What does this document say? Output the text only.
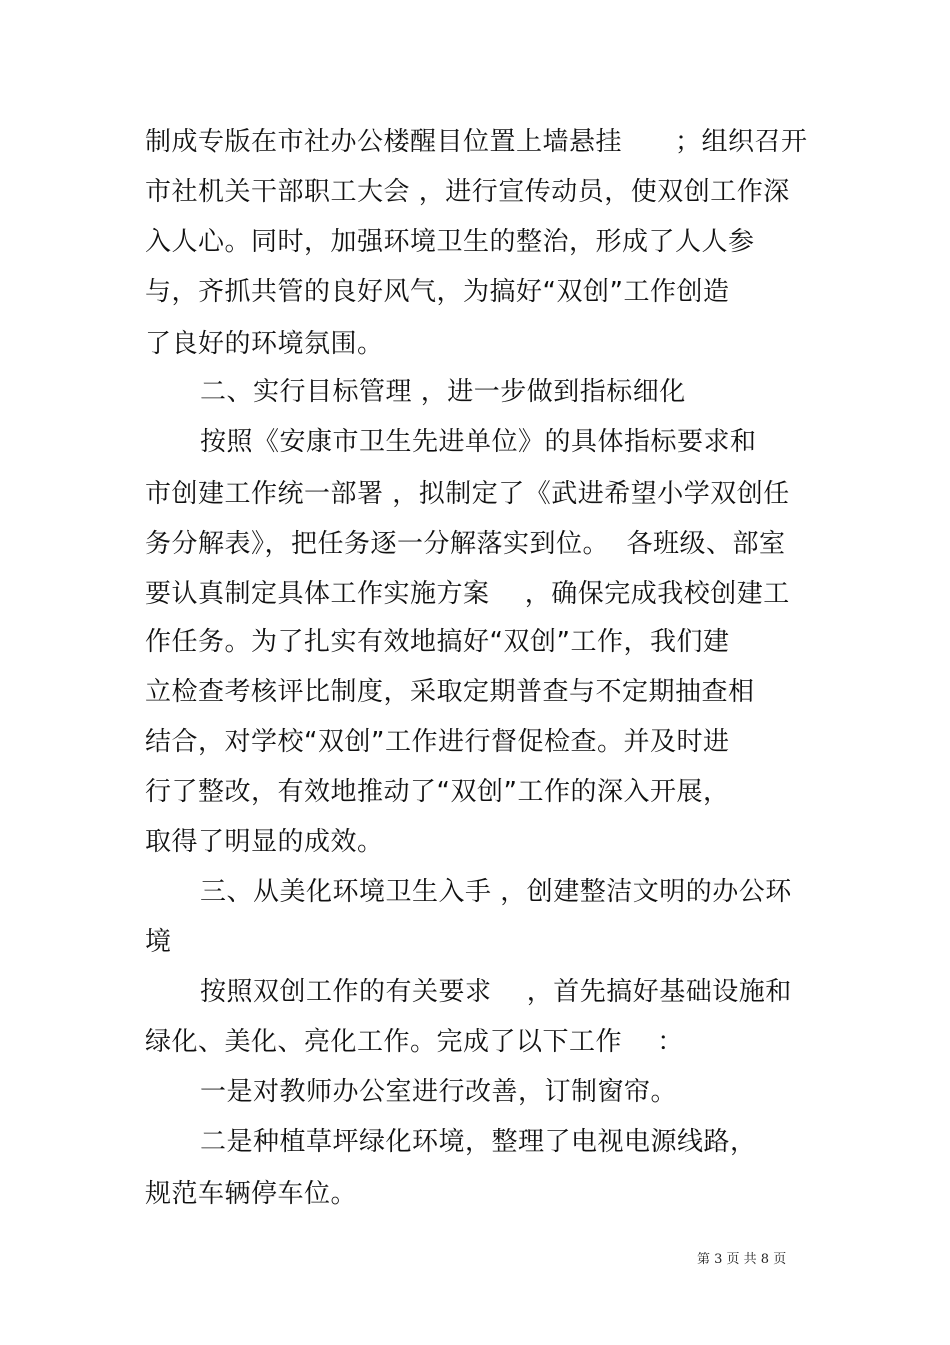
制成专版在市社办公楼醒目位置上墙悬挂　　；组织召开
市社机关干部职工大会 ，进行宣传动员，使双创工作深
入人心。同时，加强环境卫生的整治，形成了人人参
与，齐抓共管的良好风气，为搞好“双创”工作创造
了良好的环境氛围。
二、实行目标管理 ，进一步做到指标细化
按照《安康市卫生先进单位》的具体指标要求和
市创建工作统一部署 ，拟制定了《武进希望小学双创任
务分解表》，把任务逐一分解落实到位。  各班级、部室
要认真制定具体工作实施方案　 ，确保完成我校创建工
作任务。为了扎实有效地搞好“双创”工作，我们建
立检查考核评比制度，采取定期普查与不定期抽查相
结合，对学校“双创”工作进行督促检查。并及时进
行了整改，有效地推动了“双创”工作的深入开展，
取得了明显的成效。
三、从美化环境卫生入手 ，创建整洁文明的办公环
境
按照双创工作的有关要求　 ，首先搞好基础设施和
绿化、美化、亮化工作。完成了以下工作　 ：
一是对教师办公室进行改善，订制窗帘。
二是种植草坪绿化环境，整理了电视电源线路，
规范车辆停车位。
第 3 页 共 8 页
